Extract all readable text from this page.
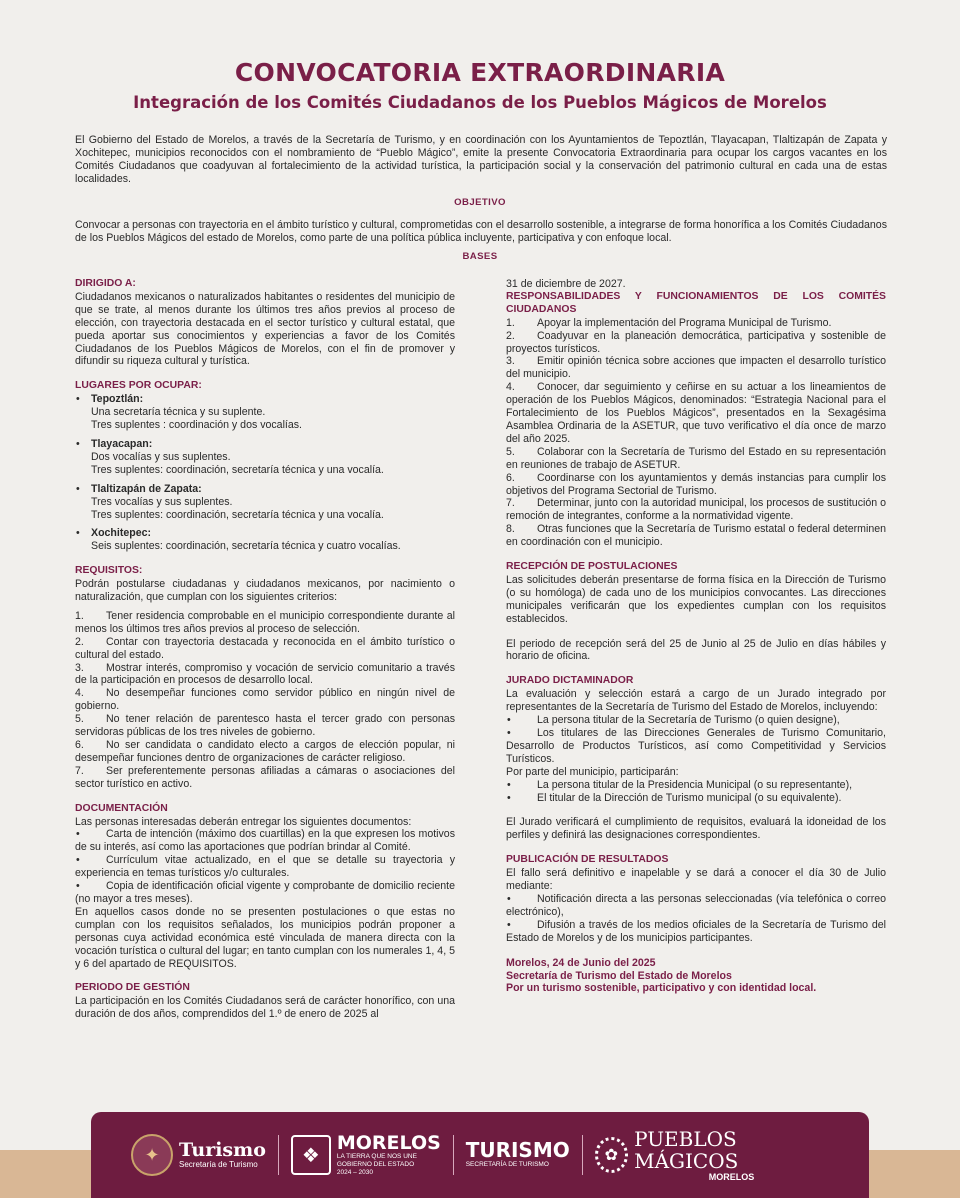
CONVOCATORIA EXTRAORDINARIA
Integración de los Comités Ciudadanos de los Pueblos Mágicos de Morelos

El Gobierno del Estado de Morelos, a través de la Secretaría de Turismo, y en coordinación con los Ayuntamientos de Tepoztlán, Tlayacapan, Tlaltizapán de Zapata y Xochitepec, municipios reconocidos con el nombramiento de “Pueblo Mágico”, emite la presente Convocatoria Extraordinaria para ocupar los cargos vacantes en los Comités Ciudadanos que coadyuvan al fortalecimiento de la actividad turística, la participación social y la conservación del patrimonio cultural en cada una de estas localidades.

OBJETIVO

Convocar a personas con trayectoria en el ámbito turístico y cultural, comprometidas con el desarrollo sostenible, a integrarse de forma honorífica a los Comités Ciudadanos de los Pueblos Mágicos del estado de Morelos, como parte de una política pública incluyente, participativa y con enfoque local.

BASES
DIRIGIDO A:

Ciudadanos mexicanos o naturalizados habitantes o residentes del municipio de que se trate, al menos durante los últimos tres años previos al proceso de elección, con trayectoria destacada en el sector turístico y cultural estatal, que pueda aportar sus conocimientos y experiencias a favor de los Comités Ciudadanos de los Pueblos Mágicos de Morelos, con el fin de promover y difundir su riqueza cultural y turística.

LUGARES POR OCUPAR:
• Tepoztlán:
Una secretaría técnica y su suplente.
Tres suplentes : coordinación y dos vocalías.
• Tlayacapan:
Dos vocalías y sus suplentes.
Tres suplentes: coordinación, secretaría técnica y una vocalía.
• Tlaltizapán de Zapata:
Tres vocalías y sus suplentes.
Tres suplentes: coordinación, secretaría técnica y una vocalía.
• Xochitepec:
Seis suplentes: coordinación, secretaría técnica y cuatro vocalías.
REQUISITOS:

Podrán postularse ciudadanas y ciudadanos mexicanos, por nacimiento o naturalización, que cumplan con los siguientes criterios:

1. Tener residencia comprobable en el municipio correspondiente durante al menos los últimos tres años previos al proceso de selección.

2. Contar con trayectoria destacada y reconocida en el ámbito turístico o cultural del estado.

3. Mostrar interés, compromiso y vocación de servicio comunitario a través de la participación en procesos de desarrollo local.

4. No desempeñar funciones como servidor público en ningún nivel de gobierno.

5. No tener relación de parentesco hasta el tercer grado con personas servidoras públicas de los tres niveles de gobierno.

6. No ser candidata o candidato electo a cargos de elección popular, ni desempeñar funciones dentro de organizaciones de carácter religioso.

7. Ser preferentemente personas afiliadas a cámaras o asociaciones del sector turístico en activo.

DOCUMENTACIÓN

Las personas interesadas deberán entregar los siguientes documentos:

• Carta de intención (máximo dos cuartillas) en la que expresen los motivos de su interés, así como las aportaciones que podrían brindar al Comité.

• Currículum vitae actualizado, en el que se detalle su trayectoria y experiencia en temas turísticos y/o culturales.

• Copia de identificación oficial vigente y comprobante de domicilio reciente (no mayor a tres meses).

En aquellos casos donde no se presenten postulaciones o que estas no cumplan con los requisitos señalados, los municipios podrán proponer a personas cuya actividad económica esté vinculada de manera directa con la vocación turística o cultural del lugar; en tanto cumplan con los numerales 1, 4, 5 y 6 del apartado de REQUISITOS.

PERIODO DE GESTIÓN

La participación en los Comités Ciudadanos será de carácter honorífico, con una duración de dos años, comprendidos del 1.º de enero de 2025 al

31 de diciembre de 2027.

RESPONSABILIDADES Y FUNCIONAMIENTOS DE LOS COMITÉS CIUDADANOS

1. Apoyar la implementación del Programa Municipal de Turismo.

2. Coadyuvar en la planeación democrática, participativa y sostenible de proyectos turísticos.

3. Emitir opinión técnica sobre acciones que impacten el desarrollo turístico del municipio.

4. Conocer, dar seguimiento y ceñirse en su actuar a los lineamientos de operación de los Pueblos Mágicos, denominados: “Estrategia Nacional para el Fortalecimiento de los Pueblos Mágicos”, presentados en la Sexagésima Asamblea Ordinaria de la ASETUR, que tuvo verificativo el día once de marzo del año 2025.

5. Colaborar con la Secretaría de Turismo del Estado en su representación en reuniones de trabajo de ASETUR.

6. Coordinarse con los ayuntamientos y demás instancias para cumplir los objetivos del Programa Sectorial de Turismo.

7. Determinar, junto con la autoridad municipal, los procesos de sustitución o remoción de integrantes, conforme a la normatividad vigente.

8. Otras funciones que la Secretaría de Turismo estatal o federal determinen en coordinación con el municipio.

RECEPCIÓN DE POSTULACIONES

Las solicitudes deberán presentarse de forma física en la Dirección de Turismo (o su homóloga) de cada uno de los municipios convocantes. Las direcciones municipales verificarán que los expedientes cumplan con los requisitos establecidos.

El periodo de recepción será del 25 de Junio al 25 de Julio en días hábiles y horario de oficina.

JURADO DICTAMINADOR

La evaluación y selección estará a cargo de un Jurado integrado por representantes de la Secretaría de Turismo del Estado de Morelos, incluyendo:

• La persona titular de la Secretaría de Turismo (o quien designe),

• Los titulares de las Direcciones Generales de Turismo Comunitario, Desarrollo de Productos Turísticos, así como Competitividad y Servicios Turísticos.

Por parte del municipio, participarán:

• La persona titular de la Presidencia Municipal (o su representante),

• El titular de la Dirección de Turismo municipal (o su equivalente).

El Jurado verificará el cumplimiento de requisitos, evaluará la idoneidad de los perfiles y definirá las designaciones correspondientes.

PUBLICACIÓN DE RESULTADOS

El fallo será definitivo e inapelable y se dará a conocer el día 30 de Julio mediante:

• Notificación directa a las personas seleccionadas (vía telefónica o correo electrónico),

• Difusión a través de los medios oficiales de la Secretaría de Turismo del Estado de Morelos y de los municipios participantes.

Morelos, 24 de Junio del 2025
Secretaría de Turismo del Estado de Morelos
Por un turismo sostenible, participativo y con identidad local.
✦	Turismo
Secretaría de Turismo	❖
MORELOS
LA TIERRA QUE NOS UNE
GOBIERNO DEL ESTADO
2024 – 2030
TURISMO
SECRETARÍA DE TURISMO
✿
PUEBLOS MÁGICOS
MORELOS
